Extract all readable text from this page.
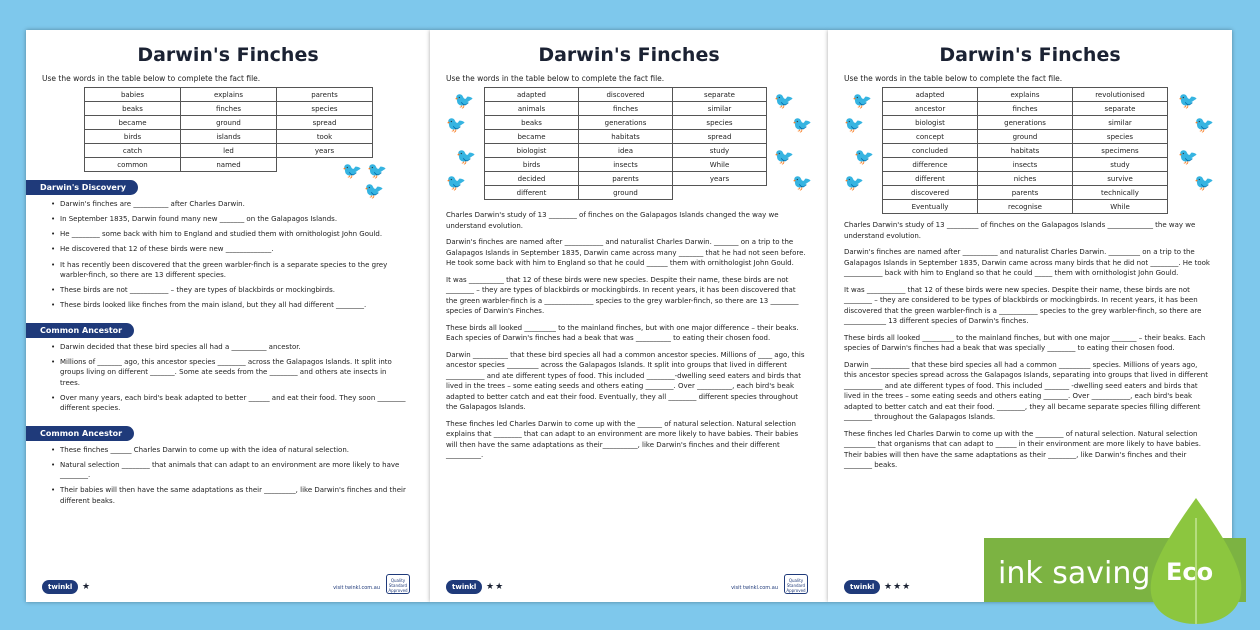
Darwin's Finches
Use the words in the table below to complete the fact file.
babies	explains	parents
beaks	finches	species
became	ground	spread
birds	islands	took
catch	led	years
common	named		🐦 🐦
🐦
Darwin's Discovery
• Darwin's finches are __________ after Charles Darwin.
• In September 1835, Darwin found many new _______ on the Galapagos Islands.
• He ________ some back with him to England and studied them with ornithologist John Gould.
• He discovered that 12 of these birds were new _____________.
• It has recently been discovered that the green warbler-finch is a separate species to the grey warbler-finch, so there are 13 different species.
• These birds are not ___________ – they are types of blackbirds or mockingbirds.
• These birds looked like finches from the main island, but they all had different ________.
Common Ancestor
• Darwin decided that these bird species all had a __________ ancestor.
• Millions of _______ ago, this ancestor species ________ across the Galapagos Islands. It split into groups living on different _______. Some ate seeds from the ________ and others ate insects in trees.
• Over many years, each bird's beak adapted to better ______ and eat their food. They soon ________ different species.
Common Ancestor
• These finches ______ Charles Darwin to come up with the idea of natural selection.
• Natural selection ________ that animals that can adapt to an environment are more likely to have ________.
• Their babies will then have the same adaptations as their _________, like Darwin's finches and their different beaks.
twinkl	★	visit twinkl.com.au
Quality Standard Approved
Darwin's Finches
Use the words in the table below to complete the fact file.
🐦
🐦
🐦
🐦
adapted	discovered	separate
animals	finches	similar
beaks	generations	species
became	habitats	spread
biologist	idea	study
birds	insects	While
decided	parents	years
different	ground	
🐦
🐦
🐦
🐦
Charles Darwin's study of 13 ________ of finches on the Galapagos Islands changed the way we understand evolution.
Darwin's finches are named after ___________ and naturalist Charles Darwin. _______ on a trip to the Galapagos Islands in September 1835, Darwin came across many _______ that he had not seen before. He took some back with him to England so that he could ______ them with ornithologist John Gould.
It was __________ that 12 of these birds were new species. Despite their name, these birds are not ________ – they are types of blackbirds or mockingbirds. In recent years, it has been discovered that the green warbler-finch is a ______________ species to the grey warbler-finch, so there are 13 ________ species of Darwin's Finches.
These birds all looked _________ to the mainland finches, but with one major difference – their beaks. Each species of Darwin's finches had a beak that was __________ to eating their chosen food.
Darwin __________ that these bird species all had a common ancestor species. Millions of ____ ago, this ancestor species _________ across the Galapagos Islands. It split into groups that lived in different ___________ and ate different types of food. This included ________-dwelling seed eaters and birds that lived in the trees – some eating seeds and others eating ________. Over __________, each bird's beak adapted to better catch and eat their food. Eventually, they all ________ different species throughout the Galapagos Islands.
These finches led Charles Darwin to come up with the _______ of natural selection. Natural selection explains that ________ that can adapt to an environment are more likely to have babies. Their babies will then have the same adaptations as their__________, like Darwin's finches and their different __________.
twinkl	★★	visit twinkl.com.au
Quality Standard Approved
Darwin's Finches
Use the words in the table below to complete the fact file.
🐦
🐦
🐦
🐦
adapted	explains	revolutionised
ancestor	finches	separate
biologist	generations	similar
concept	ground	species
concluded	habitats	specimens
difference	insects	study
different	niches	survive
discovered	parents	technically
Eventually	recognise	While
🐦
🐦
🐦
🐦
Charles Darwin's study of 13 _________ of finches on the Galapagos Islands _____________ the way we understand evolution.
Darwin's finches are named after __________ and naturalist Charles Darwin. _________ on a trip to the Galapagos Islands in September 1835, Darwin came across many birds that he did not ________. He took ___________ back with him to England so that he could _____ them with ornithologist John Gould.
It was ___________ that 12 of these birds were new species. Despite their name, these birds are not ________ – they are considered to be types of blackbirds or mockingbirds. In recent years, it has been discovered that the green warbler-finch is a ___________ species to the grey warbler-finch, so there are ____________ 13 different species of Darwin's finches.
These birds all looked _________ to the mainland finches, but with one major _______ – their beaks. Each species of Darwin's finches had a beak that was specially ________ to eating their chosen food.
Darwin ___________ that these bird species all had a common _________ species. Millions of years ago, this ancestor species spread across the Galapagos Islands, separating into groups that lived in different ___________ and ate different types of food. This included _______ -dwelling seed eaters and birds that lived in the trees – some eating seeds and others eating _______. Over ___________, each bird's beak adapted to better catch and eat their food. ________, they all became separate species filling different ________ throughout the Galapagos Islands.
These finches led Charles Darwin to come up with the ________ of natural selection. Natural selection _________ that organisms that can adapt to ______ in their environment are more likely to have babies. Their babies will then have the same adaptations as their ________, like Darwin's finches and their ________ beaks.
twinkl	★★★	ink saving Eco
